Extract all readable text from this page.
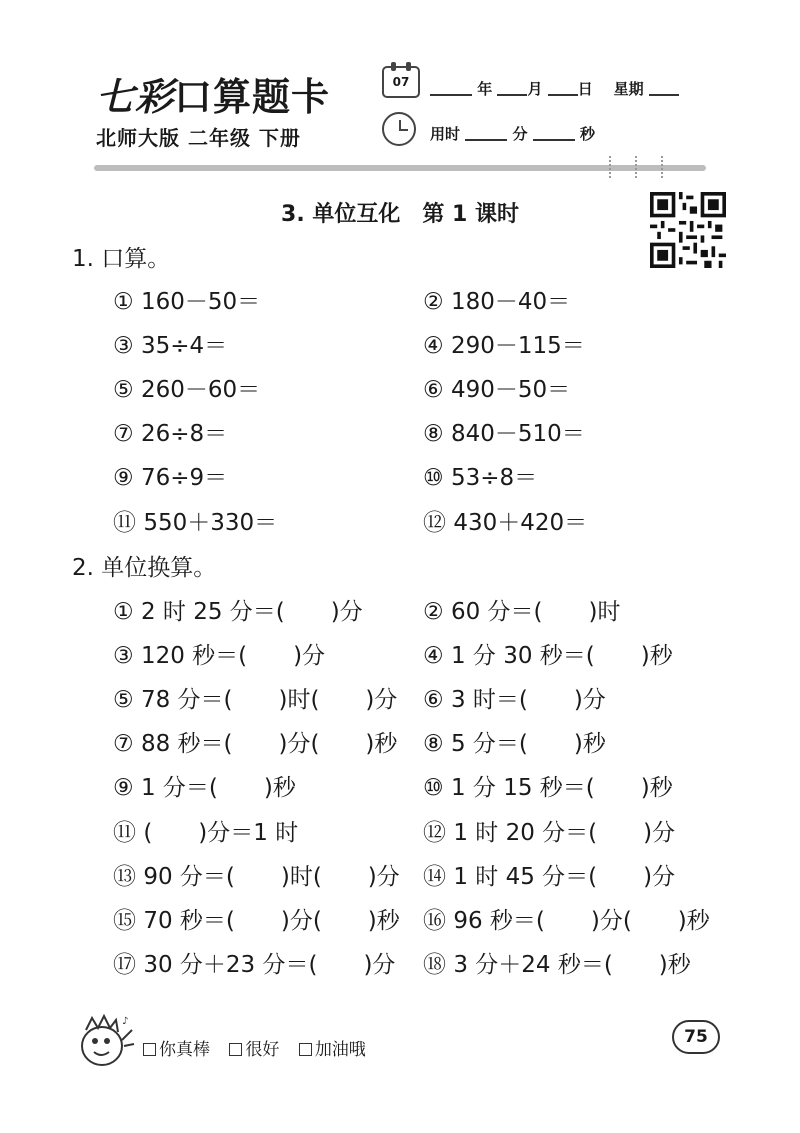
七彩口算题卡
北师大版 二年级 下册
07	年 月 日 星期
用时	分	秒
3. 单位互化　第 1 课时
1. 口算。
① 160－50＝	② 180－40＝
③ 35÷4＝	④ 290－115＝
⑤ 260－60＝	⑥ 490－50＝
⑦ 26÷8＝	⑧ 840－510＝
⑨ 76÷9＝	⑩ 53÷8＝
⑪ 550＋330＝	⑫ 430＋420＝
2. 单位换算。
① 2 时 25 分＝(　　)分	② 60 分＝(　　)时
③ 120 秒＝(　　)分	④ 1 分 30 秒＝(　　)秒
⑤ 78 分＝(　　)时(　　)分 ⑥ 3 时＝(　　)分
⑦ 88 秒＝(　　)分(　　)秒 ⑧ 5 分＝(　　)秒
⑨ 1 分＝(　　)秒	⑩ 1 分 15 秒＝(　　)秒
⑪ (　　)分＝1 时	⑫ 1 时 20 分＝(　　)分
⑬ 90 分＝(　　)时(　　)分 ⑭ 1 时 45 分＝(　　)分
⑮ 70 秒＝(　　)分(　　)秒 ⑯ 96 秒＝(　　)分(　　)秒
⑰ 30 分＋23 分＝(　　)分 ⑱ 3 分＋24 秒＝(　　)秒
♪
你真棒 很好 加油哦
75
